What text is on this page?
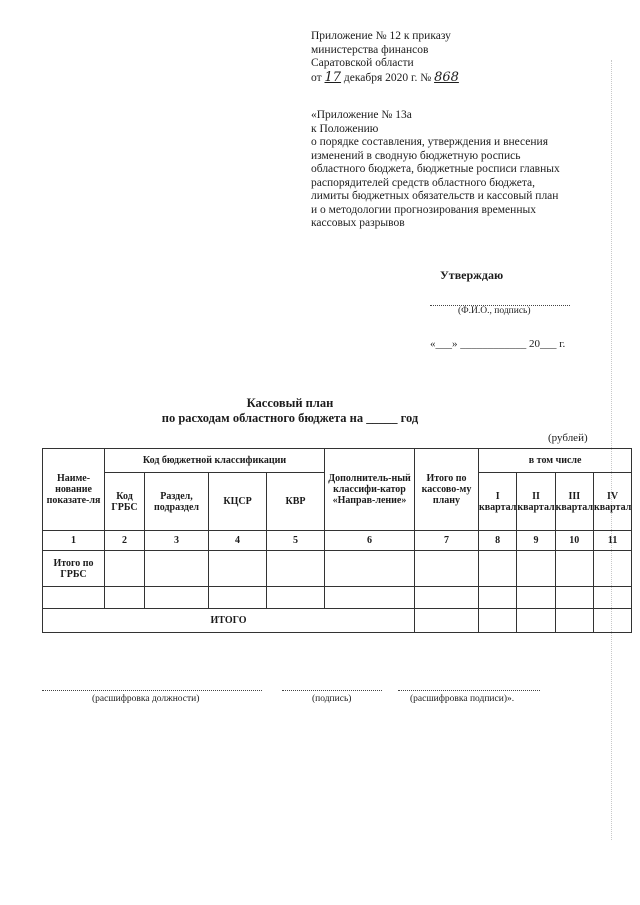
Приложение № 12 к приказу
министерства финансов
Саратовской области
от 17 декабря 2020 г. № 868
«Приложение № 13а
к Положению
о порядке составления, утверждения и внесения
изменений в сводную бюджетную роспись
областного бюджета, бюджетные росписи главных
распорядителей средств областного бюджета,
лимиты бюджетных обязательств и кассовый план
и о методологии прогнозирования временных
кассовых разрывов
Утверждаю
(Ф.И.О., подпись)
«___» ____________ 20___ г.
Кассовый план
по расходам областного бюджета на _____ год
(рублей)
Наиме-нование показате-ля	Код бюджетной классификации				Дополнитель-ный классифи-катор «Направ-ление»	Итого по кассово-му плану	в том числе			
	Код ГРБС	Раздел, подраздел	КЦСР	КВР			I квартал	II квартал	III квартал	IV квартал
1	2	3	4	5	6	7	8	9	10	11
Итого по ГРБС										

ИТОГО										
(расшифровка должности)	(подпись)	(расшифровка подписи)».
